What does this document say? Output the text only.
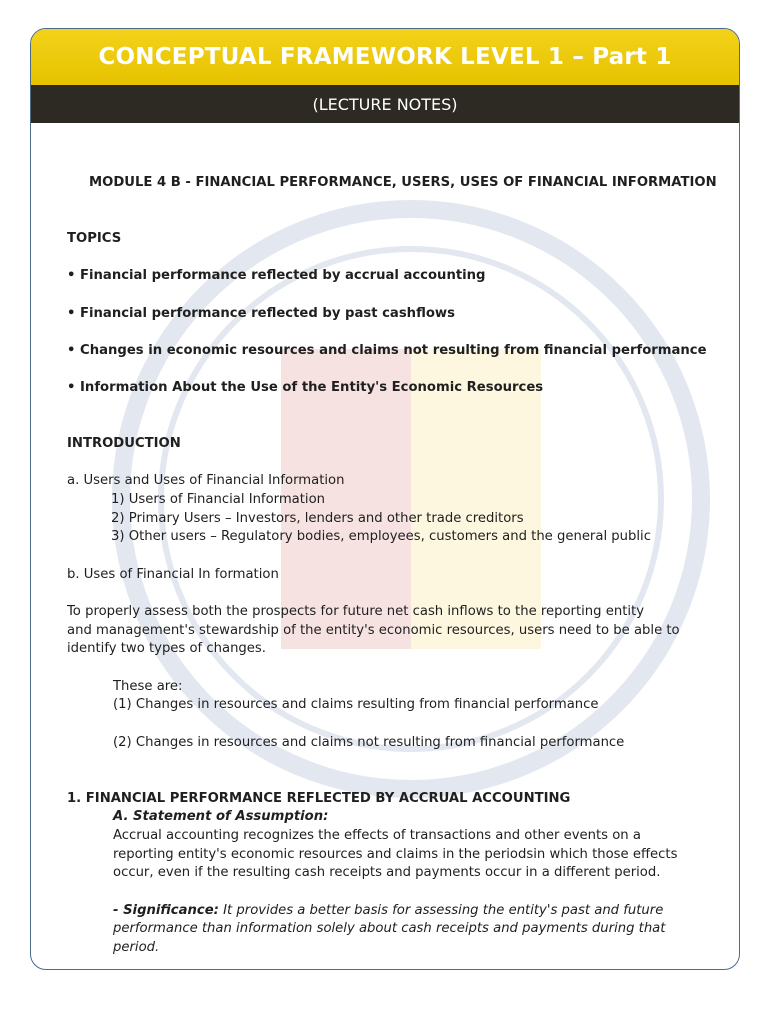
CONCEPTUAL FRAMEWORK LEVEL 1 – Part 1
(LECTURE NOTES)
MODULE 4 B - FINANCIAL PERFORMANCE, USERS, USES OF FINANCIAL INFORMATION
TOPICS
• Financial performance reflected by accrual accounting
• Financial performance reflected by past cashflows
• Changes in economic resources and claims not resulting from financial performance
• Information About the Use of the Entity's Economic Resources
INTRODUCTION
a. Users and Uses of Financial Information
1) Users of Financial Information
2) Primary Users – Investors, lenders and other trade creditors
3) Other users – Regulatory bodies, employees, customers and the general public
b. Uses of Financial In formation
To properly assess both the prospects for future net cash inflows to the reporting entity
and management's stewardship of the entity's economic resources, users need to be able to
identify two types of changes.
These are:
(1) Changes in resources and claims resulting from financial performance
(2) Changes in resources and claims not resulting from financial performance
1. FINANCIAL PERFORMANCE REFLECTED BY ACCRUAL ACCOUNTING
A. Statement of Assumption:
Accrual accounting recognizes the effects of transactions and other events on a
reporting entity's economic resources and claims in the periodsin which those effects
occur, even if the resulting cash receipts and payments occur in a different period.
- Significance: It provides a better basis for assessing the entity's past and future
performance than information solely about cash receipts and payments during that
period.
